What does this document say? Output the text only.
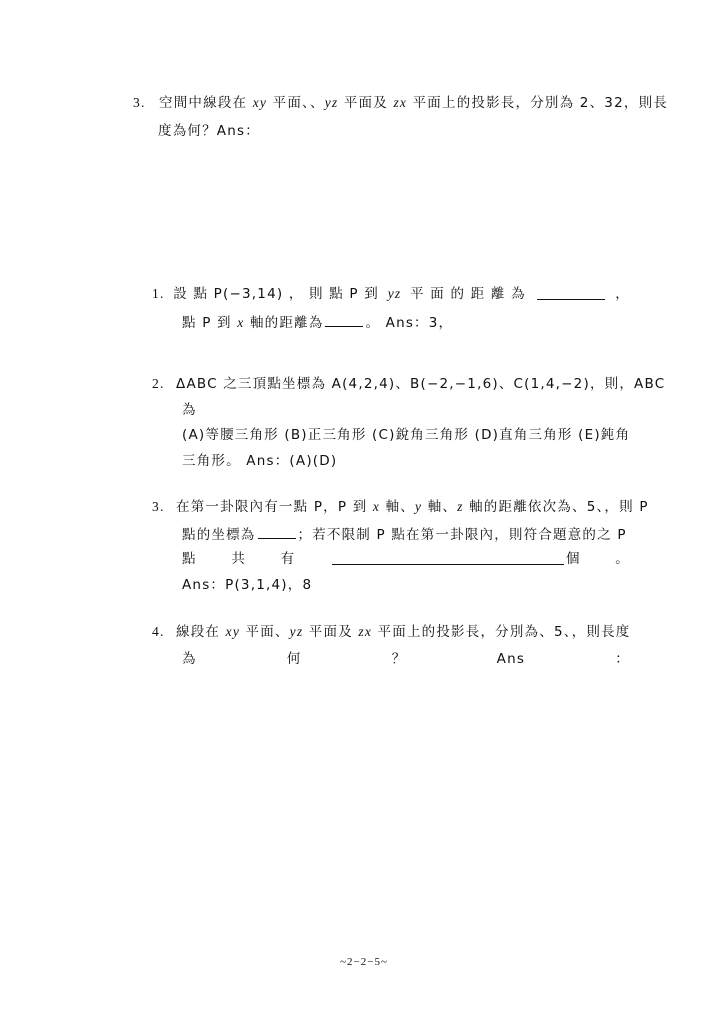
3. 空間中線段在 xy 平面、、yz 平面及 zx 平面上的投影長，分別為 2、32，則長
度為何？Ans：
1. 設 點 P(−3,14) ， 則 點 P 到 yz 平 面 的 距 離 為	，
點 P 到 x 軸的距離為	。 Ans：3，
2. ΔABC 之三頂點坐標為 A(4,2,4)、B(−2,−1,6)、C(1,4,−2)，則，ABC
為
(A)等腰三角形 (B)正三角形 (C)銳角三角形 (D)直角三角形 (E)鈍角
三角形。 Ans：(A)(D)
3. 在第一卦限內有一點 P，P 到 x 軸、y 軸、z 軸的距離依次為、5、，則 P
點的坐標為	；若不限制 P 點在第一卦限內，則符合題意的之 P
點	共	有	個	。
Ans：P(3,1,4)，8
4. 線段在 xy 平面、yz 平面及 zx 平面上的投影長，分別為、5、，則長度
為	何	？	Ans	：
~2−2−5~
